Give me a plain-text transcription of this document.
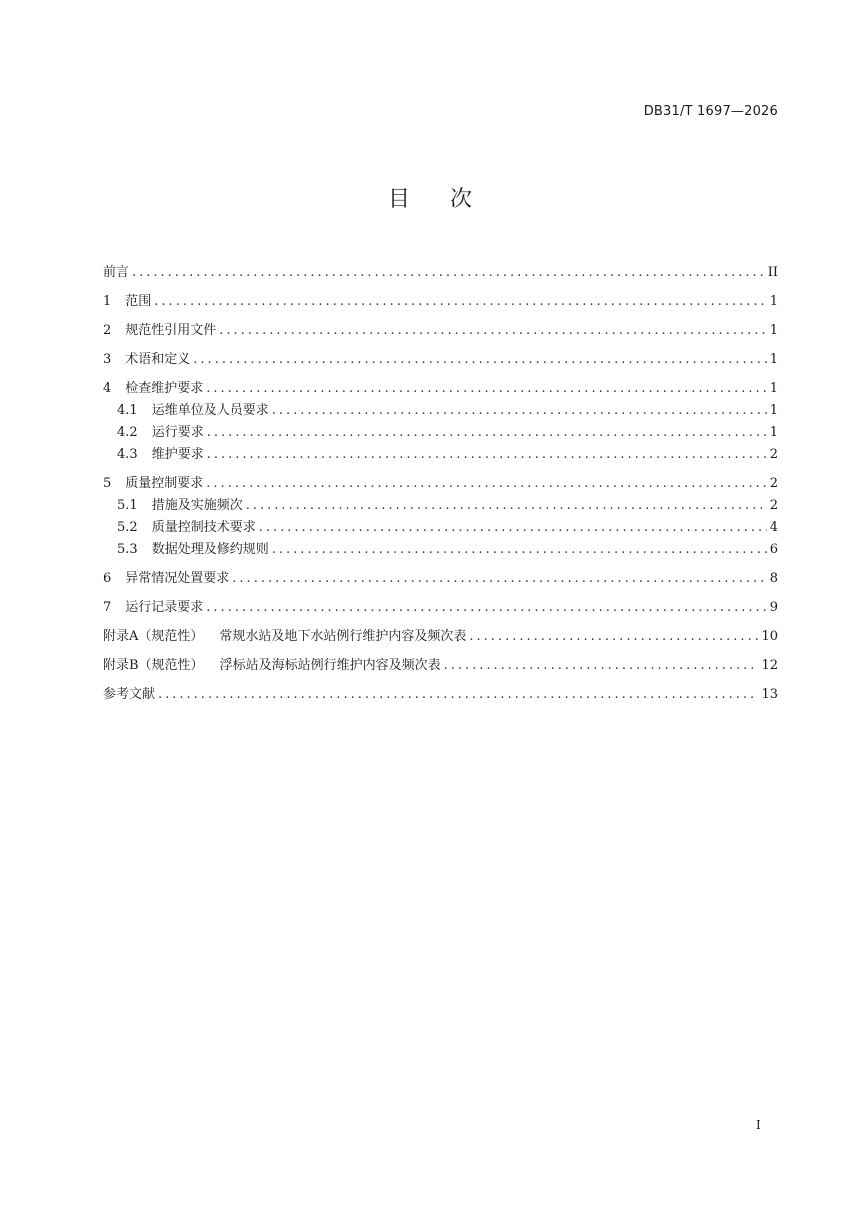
DB31/T 1697—2026
目 次
前言 .....	II
1 范围 .....	1
2 规范性引用文件 .....	1
3 术语和定义 .....	1
4 检查维护要求 .....	1
4.1 运维单位及人员要求 .....	1
4.2 运行要求 .....	1
4.3 维护要求 .....	2
5 质量控制要求 .....	2
5.1 措施及实施频次 .....	2
5.2 质量控制技术要求 .....	4
5.3 数据处理及修约规则 .....	6
6 异常情况处置要求 .....	8
7 运行记录要求 .....	9
附录A（规范性） 常规水站及地下水站例行维护内容及频次表 .....	10
附录B（规范性） 浮标站及海标站例行维护内容及频次表 .....	12
参考文献 .....	13
I
